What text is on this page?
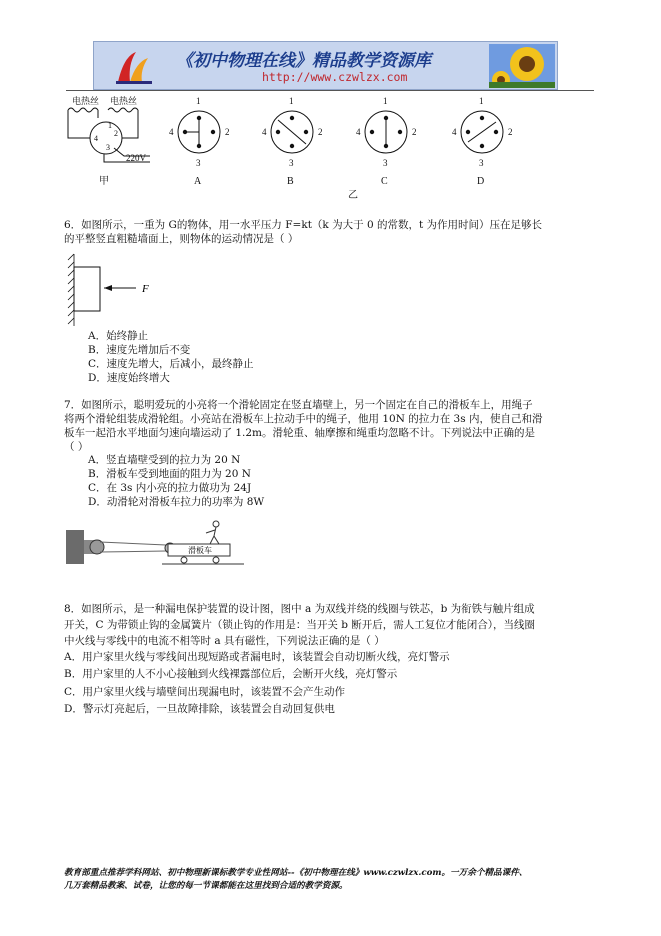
《初中物理在线》精品教学资源库
http://www.czwlzx.com
电热丝 电热丝
4
2
1
3
220V
甲
1
2
3
4
A
1
2
3
4
B
1
2
3
4
C
乙
1
2
3
4
D
6．如图所示，一重为 G的物体，用一水平压力 F=kt（k 为大于 0 的常数，t 为作用时间）压在足够长
的平整竖直粗糙墙面上，则物体的运动情况是（ ）
F
A．始终静止
B．速度先增加后不变
C．速度先增大，后减小，最终静止
D．速度始终增大
7．如图所示，聪明爱玩的小亮将一个滑轮固定在竖直墙壁上，另一个固定在自己的滑板车上，用绳子
将两个滑轮组装成滑轮组。小亮站在滑板车上拉动手中的绳子，他用 10N 的拉力在 3s 内，使自己和滑
板车一起沿水平地面匀速向墙运动了 1.2m。滑轮重、轴摩擦和绳重均忽略不计。下列说法中正确的是
（ ）
A．竖直墙壁受到的拉力为 20 N
B．滑板车受到地面的阻力为 20 N
C．在 3s 内小亮的拉力做功为 24J
D．动滑轮对滑板车拉力的功率为 8W
滑板车
8．如图所示，是一种漏电保护装置的设计图，图中 a 为双线并绕的线圈与铁芯，b 为衔铁与触片组成
开关，C 为带锁止钩的金属簧片（锁止钩的作用是：当开关 b 断开后，需人工复位才能闭合），当线圈
中火线与零线中的电流不相等时 a 具有磁性，下列说法正确的是（ ）
A．用户家里火线与零线间出现短路或者漏电时，该装置会自动切断火线，亮灯警示
B．用户家里的人不小心接触到火线裸露部位后，会断开火线，亮灯警示
C．用户家里火线与墙壁间出现漏电时，该装置不会产生动作
D．警示灯亮起后，一旦故障排除，该装置会自动回复供电
教育部重点推荐学科网站、初中物理新课标教学专业性网站--《初中物理在线》www.czwlzx.com。一万余个精品课件、
几万套精品教案、试卷，让您的每一节课都能在这里找到合适的教学资源。
